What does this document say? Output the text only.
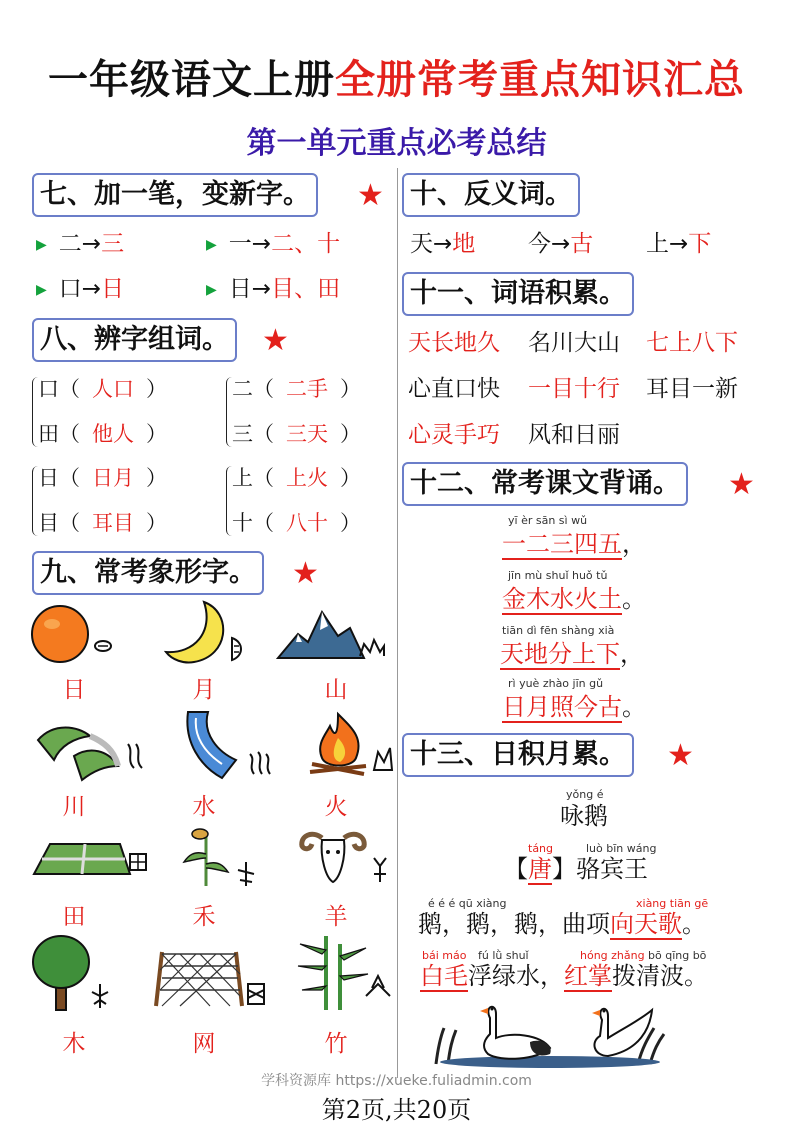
一年级语文上册全册常考重点知识汇总
第一单元重点必考总结
七、加一笔，变新字。 ★
▶ 二→三	▶ 一→二、十
▶ 口→日	▶ 日→目、田
八、辨字组词。 ★
口（ 人口 ）
田（ 他人 ）
二（ 二手 ）
三（ 三天 ）
日（ 日月 ）
目（ 耳目 ）
上（ 上火 ）
十（ 八十 ）
九、常考象形字。 ★
日	月	山
川	水	火
田	禾	羊
木	网	竹
十、反义词。
天→地 今→古 上→下
十一、词语积累。
天长地久 名川大山 七上八下
心直口快 一目十行 耳目一新
心灵手巧 风和日丽
十二、常考课文背诵。 ★
yī èr sān sì wǔ
一二三四五，
jīn mù shuǐ huǒ tǔ
金木水火土。
tiān dì fēn shàng xià
天地分上下，
rì yuè zhào jīn gǔ
日月照今古。
十三、日积月累。 ★
yǒng é
咏鹅
táng	luò bīn wáng
【唐】骆宾王
é é é qū xiàng	xiàng tiān gē
鹅，鹅，鹅，曲项向天歌。
bái máo fú lǜ shuǐ	hóng zhǎng bō qīng bō
白毛浮绿水，红掌拨清波。
学科资源库 https://xueke.fuliadmin.com
第2页,共20页
